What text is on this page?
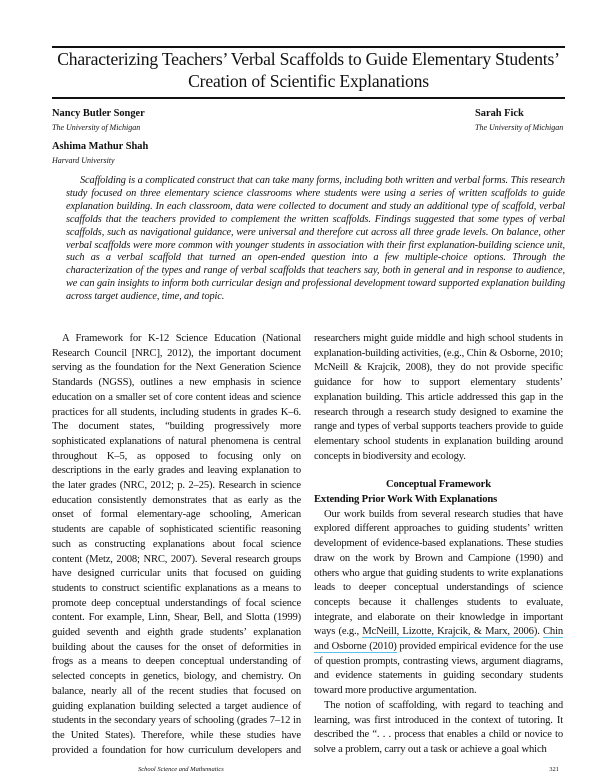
Characterizing Teachers’ Verbal Scaffolds to Guide Elementary Students’
Creation of Scientific Explanations
Nancy Butler Songer
The University of Michigan
Sarah Fick
The University of Michigan
Ashima Mathur Shah
Harvard University

Scaffolding is a complicated construct that can take many forms, including both written and verbal forms. This research study focused on three elementary science classrooms where students were using a series of written scaffolds to guide explanation building. In each classroom, data were collected to document and study an additional type of scaffold, verbal scaffolds that the teachers provided to complement the written scaffolds. Findings suggested that some types of verbal scaffolds, such as navigational guidance, were universal and therefore cut across all three grade levels. On balance, other verbal scaffolds were more common with younger students in association with their first explanation-building science unit, such as a verbal scaffold that turned an open-ended question into a few multiple-choice options. Through the characterization of the types and range of verbal scaffolds that teachers say, both in general and in response to audience, we can gain insights to inform both curricular design and professional development toward supported explanation building across target audience, time, and topic.

A Framework for K-12 Science Education (National Research Council [NRC], 2012), the important document serving as the foundation for the Next Generation Science Standards (NGSS), outlines a new emphasis in science education on a smaller set of core content ideas and science practices for all students, including students in grades K–6. The document states, “building progressively more sophisticated explanations of natural phenomena is central throughout K–5, as opposed to focusing only on descriptions in the early grades and leaving explanation to the later grades (NRC, 2012; p. 2–25). Research in science education consistently demonstrates that as early as the onset of formal elementary-age schooling, American students are capable of sophisticated scientific reasoning such as constructing explanations about focal science content (Metz, 2008; NRC, 2007). Several research groups have designed curricular units that focused on guiding students to construct scientific explanations as a means to promote deep conceptual understandings of focal science content. For example, Linn, Shear, Bell, and Slotta (1999) guided seventh and eighth grade students’ explanation building about the causes for the onset of deformities in frogs as a means to deepen conceptual understanding of selected concepts in genetics, biology, and chemistry. On balance, nearly all of the recent studies that focused on guiding explanation building selected a target audience of students in the secondary years of schooling (grades 7–12 in the United States). Therefore, while these studies have provided a foundation for how curriculum developers and researchers might guide middle and high school students in explanation-building activities, (e.g., Chin & Osborne, 2010; McNeill & Krajcik, 2008), they do not provide specific guidance for how to support elementary students’ explanation building. This article addressed this gap in the research through a research study designed to examine the range and types of verbal supports teachers provide to guide elementary school students in explanation building around concepts in biodiversity and ecology.

Conceptual Framework
Extending Prior Work With Explanations

Our work builds from several research studies that have explored different approaches to guiding students’ written development of evidence-based explanations. These studies draw on the work by Brown and Campione (1990) and others who argue that guiding students to write explanations leads to deeper conceptual understandings of science concepts because it challenges students to evaluate, integrate, and elaborate on their knowledge in important ways (e.g., McNeill, Lizotte, Krajcik, & Marx, 2006). Chin and Osborne (2010) provided empirical evidence for the use of question prompts, contrasting views, argument diagrams, and evidence statements in guiding secondary students toward more productive argumentation.

The notion of scaffolding, with regard to teaching and learning, was first introduced in the context of tutoring. It described the “. . . process that enables a child or novice to solve a problem, carry out a task or achieve a goal which

School Science and Mathematics	321
